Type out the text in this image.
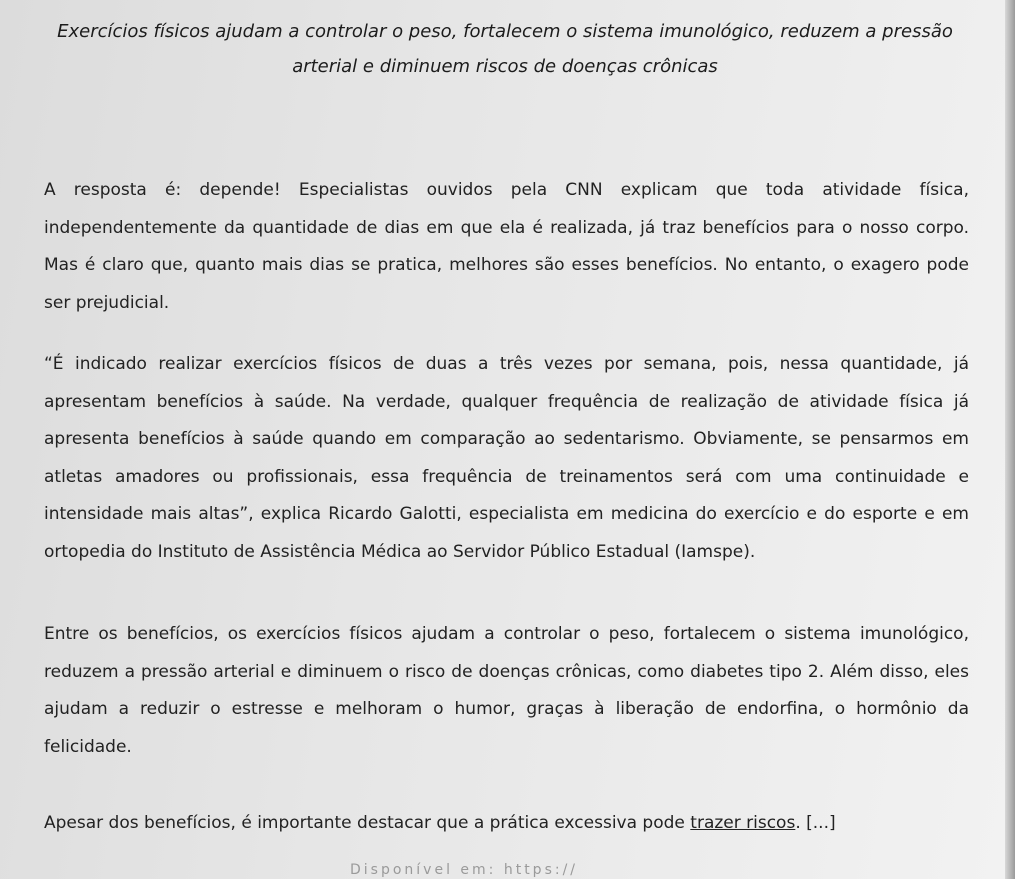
Exercícios físicos ajudam a controlar o peso, fortalecem o sistema imunológico, reduzem a pressão arterial e diminuem riscos de doenças crônicas
A resposta é: depende! Especialistas ouvidos pela CNN explicam que toda atividade física, independentemente da quantidade de dias em que ela é realizada, já traz benefícios para o nosso corpo. Mas é claro que, quanto mais dias se pratica, melhores são esses benefícios. No entanto, o exagero pode ser prejudicial.
“É indicado realizar exercícios físicos de duas a três vezes por semana, pois, nessa quantidade, já apresentam benefícios à saúde. Na verdade, qualquer frequência de realização de atividade física já apresenta benefícios à saúde quando em comparação ao sedentarismo. Obviamente, se pensarmos em atletas amadores ou profissionais, essa frequência de treinamentos será com uma continuidade e intensidade mais altas”, explica Ricardo Galotti, especialista em medicina do exercício e do esporte e em ortopedia do Instituto de Assistência Médica ao Servidor Público Estadual (Iamspe).
Entre os benefícios, os exercícios físicos ajudam a controlar o peso, fortalecem o sistema imunológico, reduzem a pressão arterial e diminuem o risco de doenças crônicas, como diabetes tipo 2. Além disso, eles ajudam a reduzir o estresse e melhoram o humor, graças à liberação de endorfina, o hormônio da felicidade.
Apesar dos benefícios, é importante destacar que a prática excessiva pode trazer riscos. [...]
Disponível em: https://
